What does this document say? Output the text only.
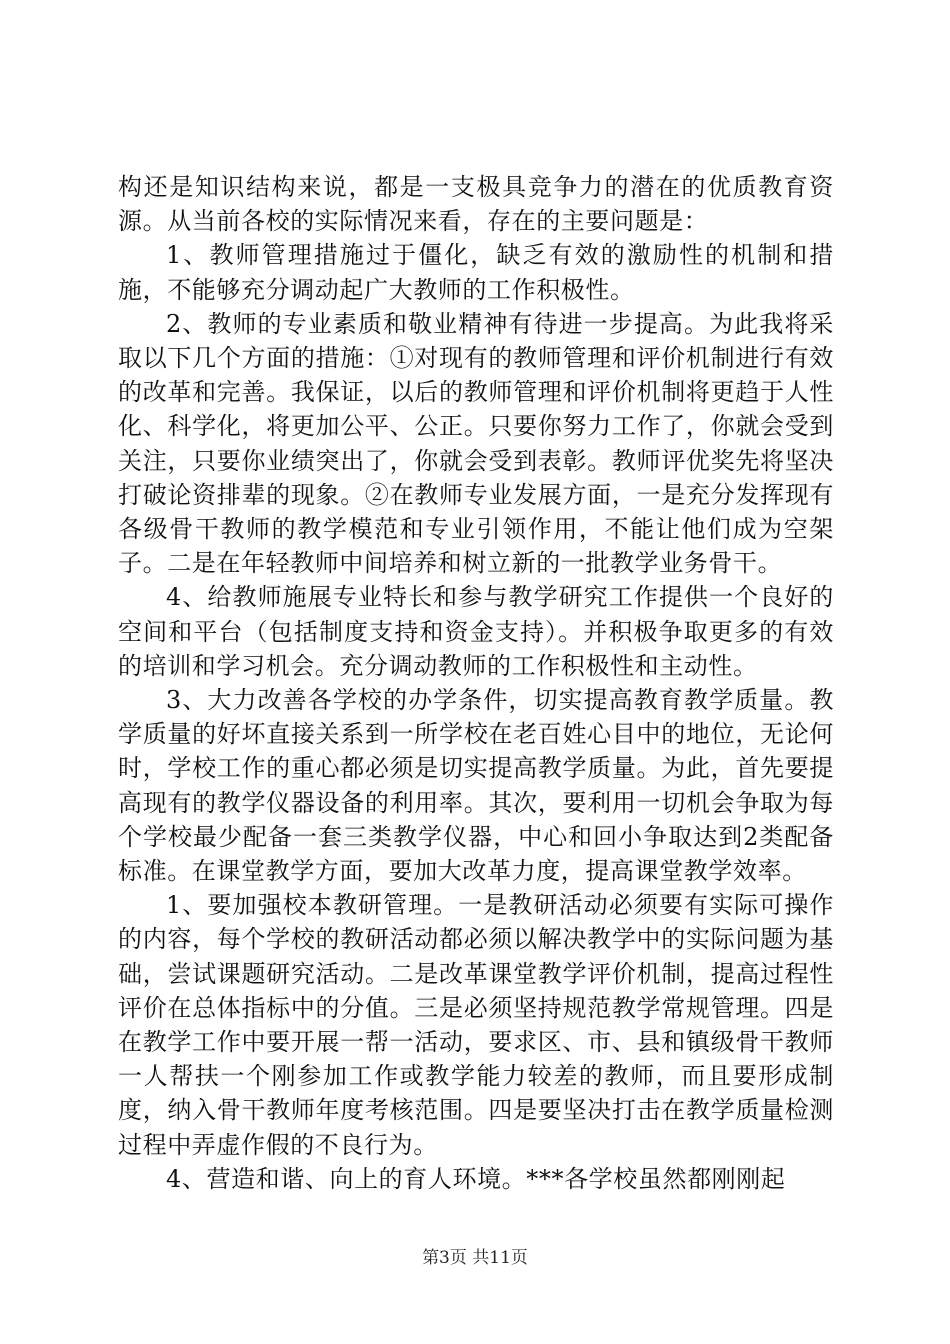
构还是知识结构来说，都是一支极具竞争力的潜在的优质教育资源。从当前各校的实际情况来看，存在的主要问题是：

1、教师管理措施过于僵化，缺乏有效的激励性的机制和措施，不能够充分调动起广大教师的工作积极性。

2、教师的专业素质和敬业精神有待进一步提高。为此我将采取以下几个方面的措施：①对现有的教师管理和评价机制进行有效的改革和完善。我保证，以后的教师管理和评价机制将更趋于人性化、科学化，将更加公平、公正。只要你努力工作了，你就会受到关注，只要你业绩突出了，你就会受到表彰。教师评优奖先将坚决打破论资排辈的现象。②在教师专业发展方面，一是充分发挥现有各级骨干教师的教学模范和专业引领作用，不能让他们成为空架子。二是在年轻教师中间培养和树立新的一批教学业务骨干。

4、给教师施展专业特长和参与教学研究工作提供一个良好的空间和平台（包括制度支持和资金支持）。并积极争取更多的有效的培训和学习机会。充分调动教师的工作积极性和主动性。

3、大力改善各学校的办学条件，切实提高教育教学质量。教学质量的好坏直接关系到一所学校在老百姓心目中的地位，无论何时，学校工作的重心都必须是切实提高教学质量。为此，首先要提高现有的教学仪器设备的利用率。其次，要利用一切机会争取为每个学校最少配备一套三类教学仪器，中心和回小争取达到2类配备标准。在课堂教学方面，要加大改革力度，提高课堂教学效率。

1、要加强校本教研管理。一是教研活动必须要有实际可操作的内容，每个学校的教研活动都必须以解决教学中的实际问题为基础，尝试课题研究活动。二是改革课堂教学评价机制，提高过程性评价在总体指标中的分值。三是必须坚持规范教学常规管理。四是在教学工作中要开展一帮一活动，要求区、市、县和镇级骨干教师一人帮扶一个刚参加工作或教学能力较差的教师，而且要形成制度，纳入骨干教师年度考核范围。四是要坚决打击在教学质量检测过程中弄虚作假的不良行为。

4、营造和谐、向上的育人环境。***各学校虽然都刚刚起

第3页 共11页
